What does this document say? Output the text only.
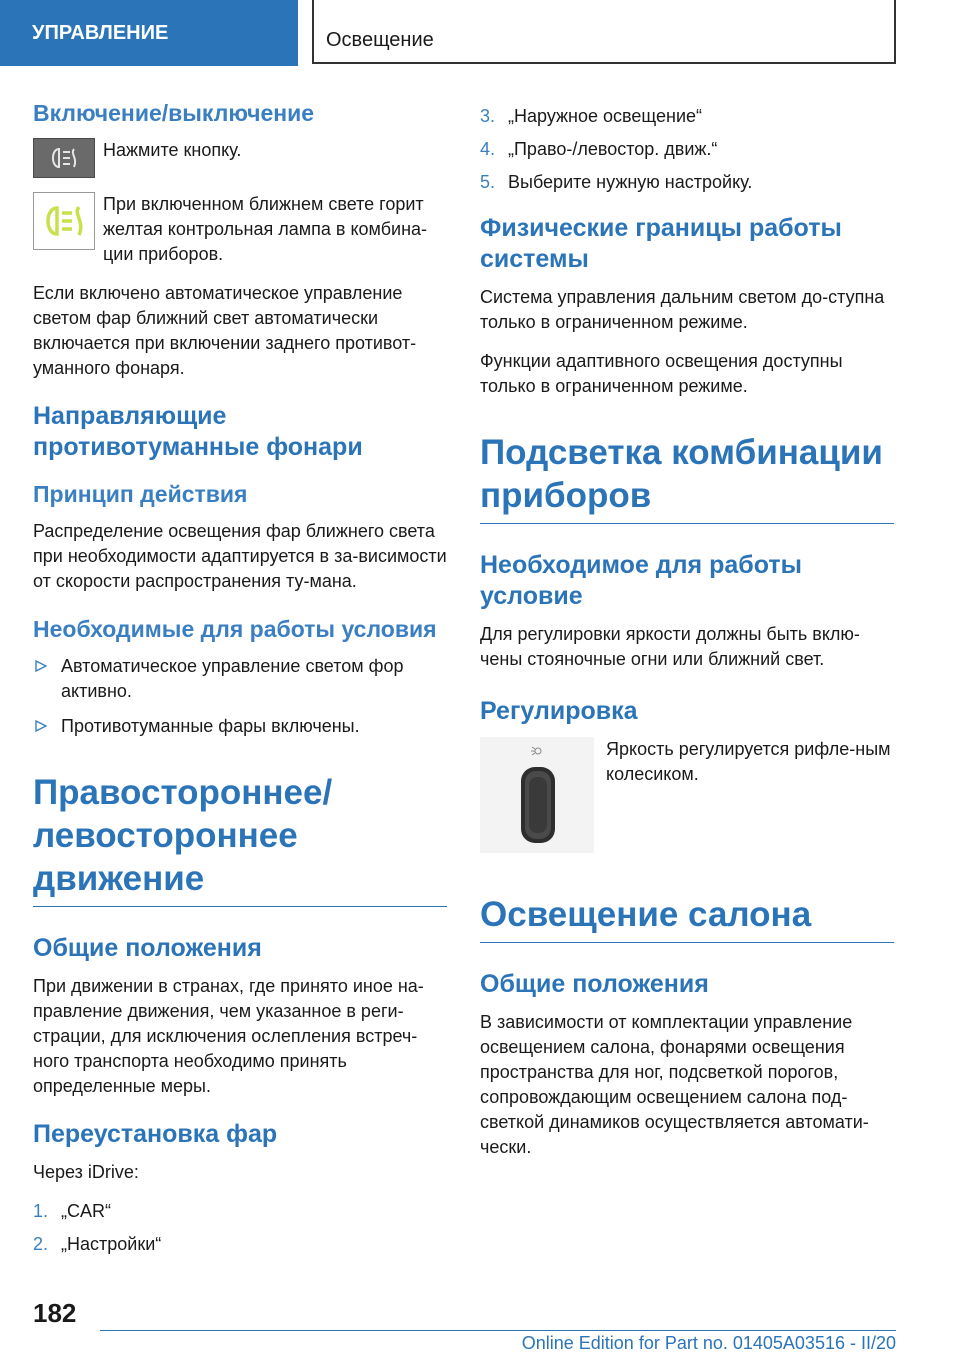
УПРАВЛЕНИЕ	Освещение
Включение/выключение
Нажмите кнопку.
При включенном ближнем свете горит желтая контрольная лампа в комбина-ции приборов.

Если включено автоматическое управление светом фар ближний свет автоматически включается при включении заднего противот-уманного фонаря.

Направляющие противотуманные фонари
Принцип действия

Распределение освещения фар ближнего света при необходимости адаптируется в за-висимости от скорости распространения ту-мана.

Необходимые для работы условия
Автоматическое управление светом фор активно.
Противотуманные фары включены.
Правостороннее/ левостороннее движение
Общие положения

При движении в странах, где принято иное на-правление движения, чем указанное в реги-страции, для исключения ослепления встреч-ного транспорта необходимо принять определенные меры.

Переустановка фар

Через iDrive:

1. „CAR“
2. „Настройки“
3. „Наружное освещение“
4. „Право-/левостор. движ.“
5. Выберите нужную настройку.
Физические границы работы системы

Система управления дальним светом до-ступна только в ограниченном режиме.

Функции адаптивного освещения доступны только в ограниченном режиме.

Подсветка комбинации приборов
Необходимое для работы условие

Для регулировки яркости должны быть вклю-чены стояночные огни или ближний свет.

Регулировка
Яркость регулируется рифле-ным колесиком.
Освещение салона
Общие положения

В зависимости от комплектации управление освещением салона, фонарями освещения пространства для ног, подсветкой порогов, сопровождающим освещением салона под-светкой динамиков осуществляется автомати-чески.

182
Online Edition for Part no. 01405A03516 - II/20
